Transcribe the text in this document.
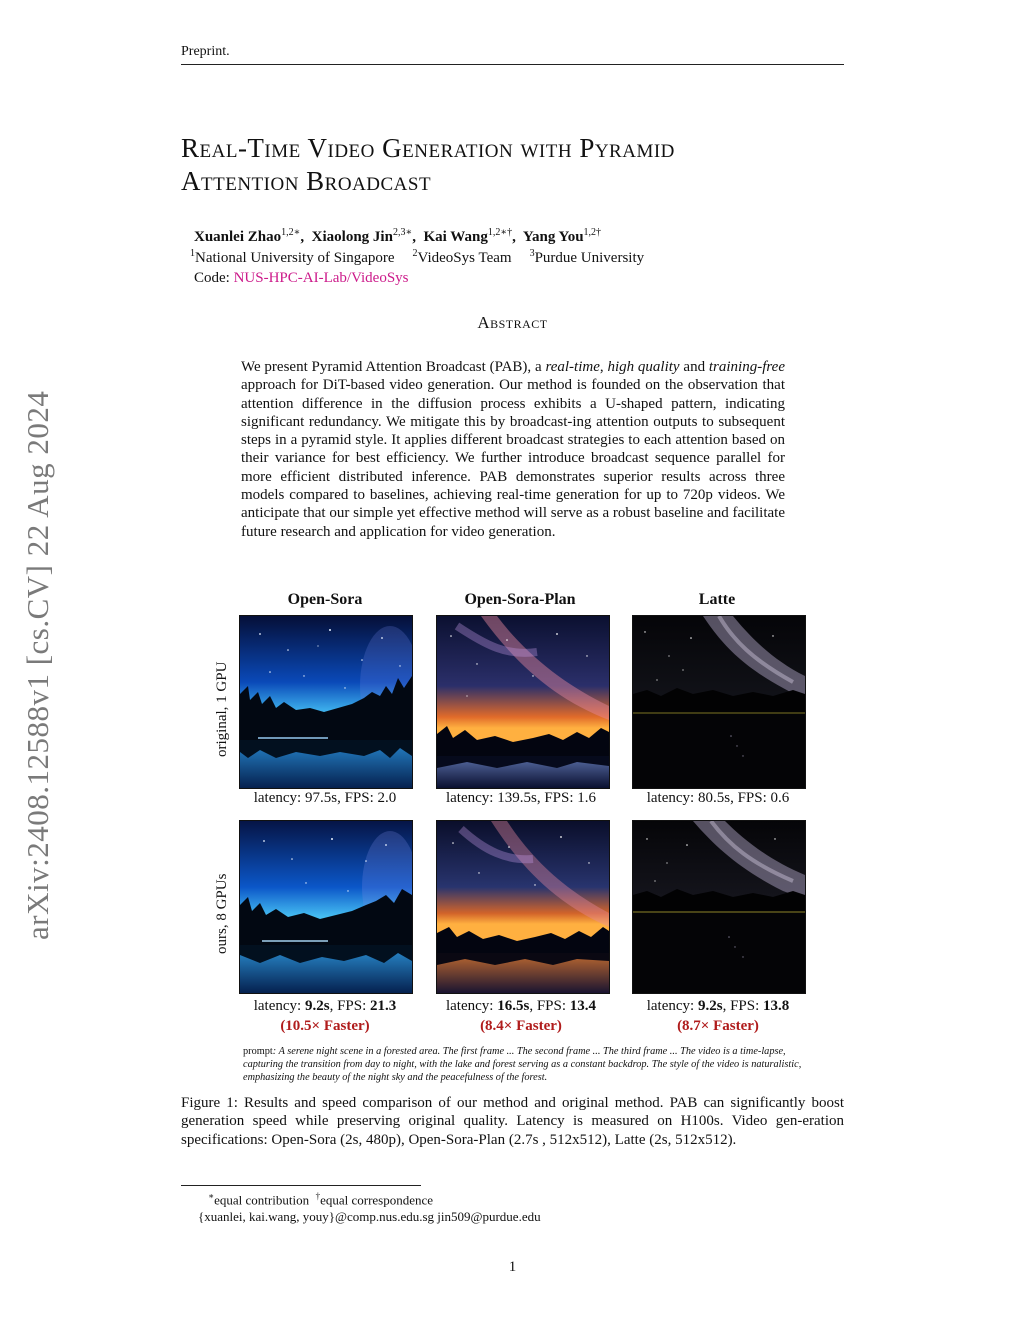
Preprint.
Real-Time Video Generation with Pyramid
Attention Broadcast
Xuanlei Zhao$^{1,2∗}$,  Xiaolong Jin$^{2,3∗}$,  Kai Wang$^{1,2∗\dagger}$,  Yang You$^{1,2\dagger}$
$^1$National University of Singapore $^2$VideoSys Team $^3$Purdue University
Code: NUS-HPC-AI-Lab/VideoSys
Abstract
We present Pyramid Attention Broadcast (PAB), a real-time, high quality and training-free approach for DiT-based video generation. Our method is founded on the observation that attention difference in the diffusion process exhibits a U-shaped pattern, indicating significant redundancy. We mitigate this by broadcast-ing attention outputs to subsequent steps in a pyramid style. It applies different broadcast strategies to each attention based on their variance for best efficiency. We further introduce broadcast sequence parallel for more efficient distributed inference. PAB demonstrates superior results across three models compared to baselines, achieving real-time generation for up to 720p videos. We anticipate that our simple yet effective method will serve as a robust baseline and facilitate future research and application for video generation.
arXiv:2408.12588v1 [cs.CV] 22 Aug 2024	Open-Sora	Open-Sora-Plan	Latte
original, 1 GPU
ours, 8 GPUs
latency: 97.5s, FPS: 2.0	latency: 139.5s, FPS: 1.6	latency: 80.5s, FPS: 0.6
latency: 9.2s, FPS: 21.3	latency: 16.5s, FPS: 13.4	latency: 9.2s, FPS: 13.8
(10.5× Faster)	(8.4× Faster)	(8.7× Faster)
prompt: A serene night scene in a forested area. The first frame ... The second frame ... The third frame ... The video is a time-lapse, capturing the transition from day to night, with the lake and forest serving as a constant backdrop. The style of the video is naturalistic, emphasizing the beauty of the night sky and the peacefulness of the forest.
Figure 1: Results and speed comparison of our method and original method. PAB can significantly boost generation speed while preserving original quality. Latency is measured on H100s. Video gen-eration specifications: Open-Sora (2s, 480p), Open-Sora-Plan (2.7s , 512x512), Latte (2s, 512x512).
∗equal contribution †equal correspondence
{xuanlei, kai.wang, youy}@comp.nus.edu.sg jin509@purdue.edu
1
